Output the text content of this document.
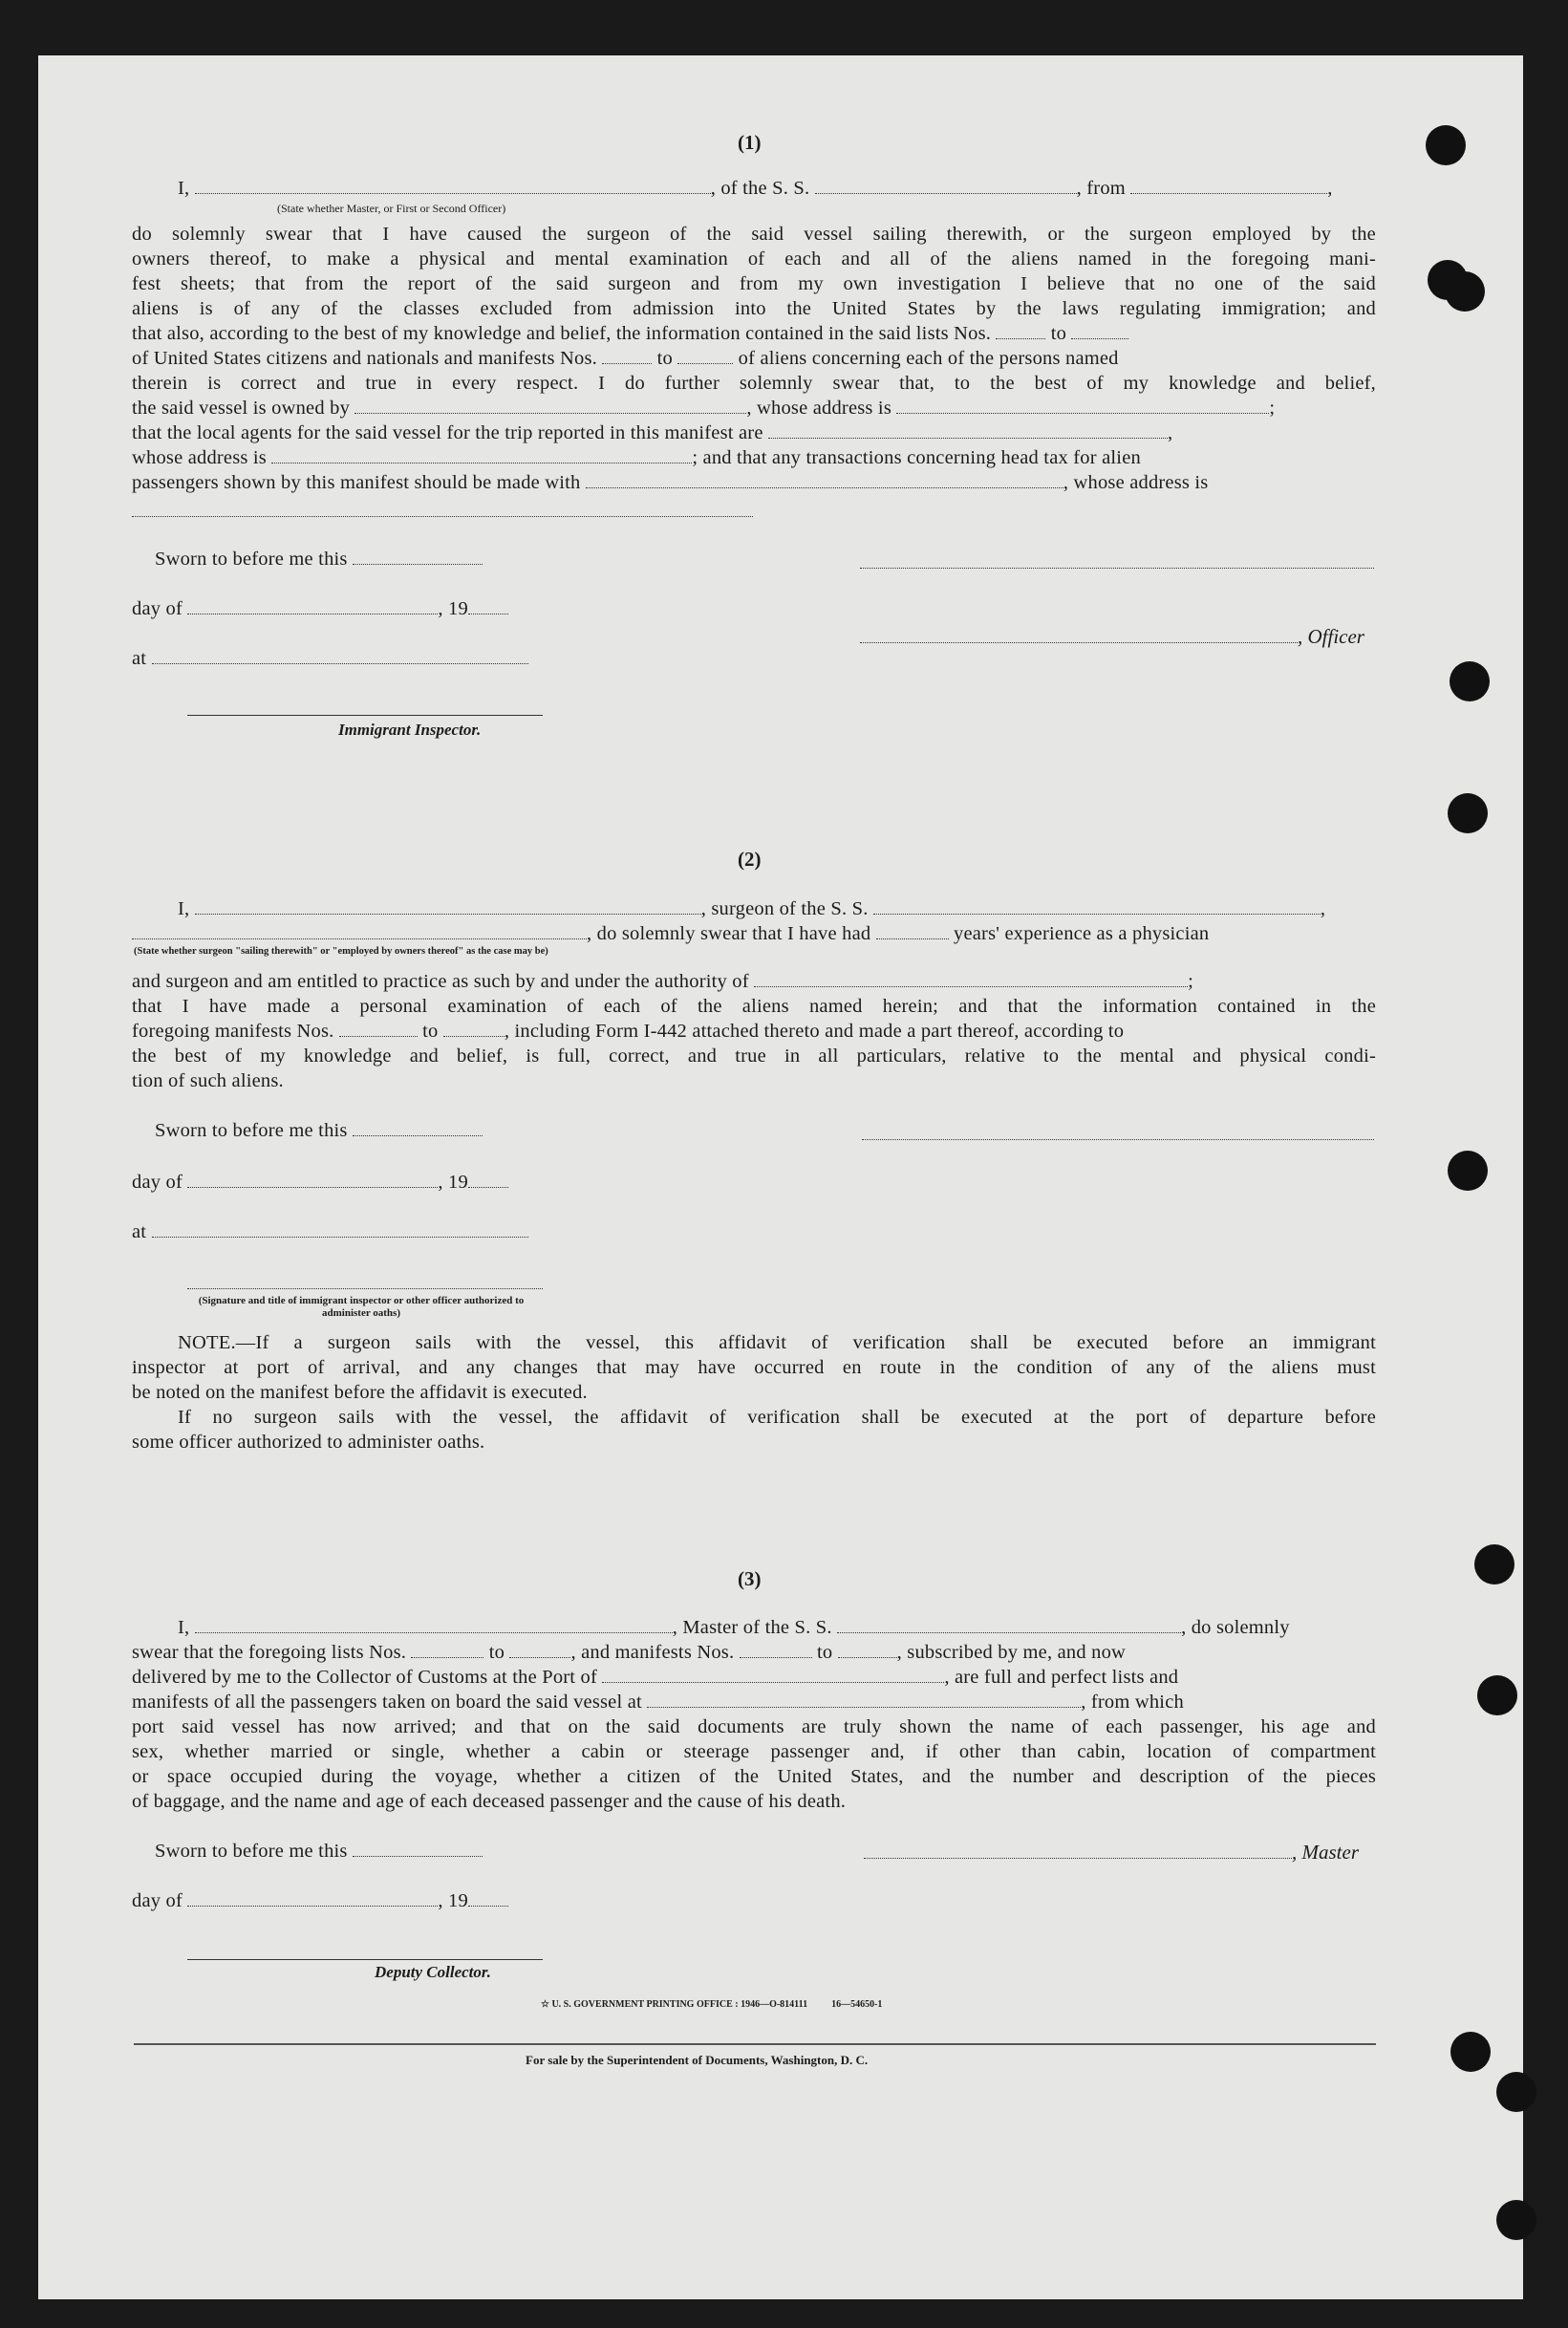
(1)

I,	, of the S. S.	, from	,

(State whether Master, or First or Second Officer)

do solemnly swear that I have caused the surgeon of the said vessel sailing therewith, or the surgeon employed by the

owners thereof, to make a physical and mental examination of each and all of the aliens named in the foregoing mani-

fest sheets; that from the report of the said surgeon and from my own investigation I believe that no one of the said

aliens is of any of the classes excluded from admission into the United States by the laws regulating immigration; and

that also, according to the best of my knowledge and belief, the information contained in the said lists Nos.	to

of United States citizens and nationals and manifests Nos.	to	of aliens concerning each of the persons named

therein is correct and true in every respect. I do further solemnly swear that, to the best of my knowledge and belief,

the said vessel is owned by	, whose address is	;

that the local agents for the said vessel for the trip reported in this manifest are	,

whose address is	; and that any transactions concerning head tax for alien

passengers shown by this manifest should be made with	, whose address is

Sworn to before me this

day of	, 19

, Officer

at

Immigrant Inspector.

(2)

I,	, surgeon of the S. S.	,

, do solemnly swear that I have had	years' experience as a physician

(State whether surgeon "sailing therewith" or "employed by owners thereof" as the case may be)

and surgeon and am entitled to practice as such by and under the authority of	;

that I have made a personal examination of each of the aliens named herein; and that the information contained in the

foregoing manifests Nos.	to	, including Form I-442 attached thereto and made a part thereof, according to

the best of my knowledge and belief, is full, correct, and true in all particulars, relative to the mental and physical condi-

tion of such aliens.

Sworn to before me this

day of	, 19

at

(Signature and title of immigrant inspector or other officer authorized to administer oaths)

NOTE.—If a surgeon sails with the vessel, this affidavit of verification shall be executed before an immigrant

inspector at port of arrival, and any changes that may have occurred en route in the condition of any of the aliens must

be noted on the manifest before the affidavit is executed.

If no surgeon sails with the vessel, the affidavit of verification shall be executed at the port of departure before

some officer authorized to administer oaths.

(3)

I,	, Master of the S. S.	, do solemnly

swear that the foregoing lists Nos.	to	, and manifests Nos.	to	, subscribed by me, and now

delivered by me to the Collector of Customs at the Port of	, are full and perfect lists and

manifests of all the passengers taken on board the said vessel at	, from which

port said vessel has now arrived; and that on the said documents are truly shown the name of each passenger, his age and

sex, whether married or single, whether a cabin or steerage passenger and, if other than cabin, location of compartment

or space occupied during the voyage, whether a citizen of the United States, and the number and description of the pieces

of baggage, and the name and age of each deceased passenger and the cause of his death.

Sworn to before me this	, Master

day of	, 19

Deputy Collector.

☆ U. S. GOVERNMENT PRINTING OFFICE : 1946—O-814111          16—54650-1

For sale by the Superintendent of Documents, Washington, D. C.
